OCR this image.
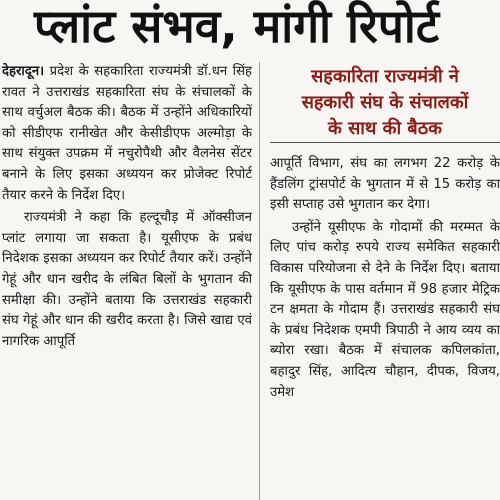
प्लांट संभव, मांगी रिपोर्ट

देहरादून। प्रदेश के सहकारिता राज्यमंत्री डॉ.धन सिंह रावत ने उत्तराखंड सहकारिता संघ के संचालकों के साथ वर्चुअल बैठक की। बैठक में उन्होंने अधिकारियों को सीडीएफ रानीखेत और केसीडीएफ अल्मोड़ा के साथ संयुक्त उपक्रम में नचुरोपैथी और वैलनेस सेंटर बनाने के लिए इसका अध्ययन कर प्रोजेक्ट रिपोर्ट तैयार करने के निर्देश दिए।

राज्यमंत्री ने कहा कि हल्दूचौड़ में ऑक्सीजन प्लांट लगाया जा सकता है। यूसीएफ के प्रबंध निदेशक इसका अध्ययन कर रिपोर्ट तैयार करें। उन्होंने गेहूं और धान खरीद के लंबित बिलों के भुगतान की समीक्षा की। उन्होंने बताया कि उत्तराखंड सहकारी संघ गेहूं और धान की खरीद करता है। जिसे खाद्य एवं नागरिक आपूर्ति

सहकारिता राज्यमंत्री ने
सहकारी संघ के संचालकों
के साथ की बैठक

आपूर्ति विभाग, संघ का लगभग 22 करोड़ के हैंडलिंग ट्रांसपोर्ट के भुगतान में से 15 करोड़ का इसी सप्ताह उसे भुगतान कर देगा।

उन्होंने यूसीएफ के गोदामों की मरम्मत के लिए पांच करोड़ रुपये राज्य समेकित सहकारी विकास परियोजना से देने के निर्देश दिए। बताया कि यूसीएफ के पास वर्तमान में 98 हजार मेट्रिक टन क्षमता के गोदाम हैं। उत्तराखंड सहकारी संघ के प्रबंध निदेशक एमपी त्रिपाठी ने आय व्यय का ब्योरा रखा। बैठक में संचालक कपिलकांता, बहादुर सिंह, आदित्य चौहान, दीपक, विजय, उमेश
